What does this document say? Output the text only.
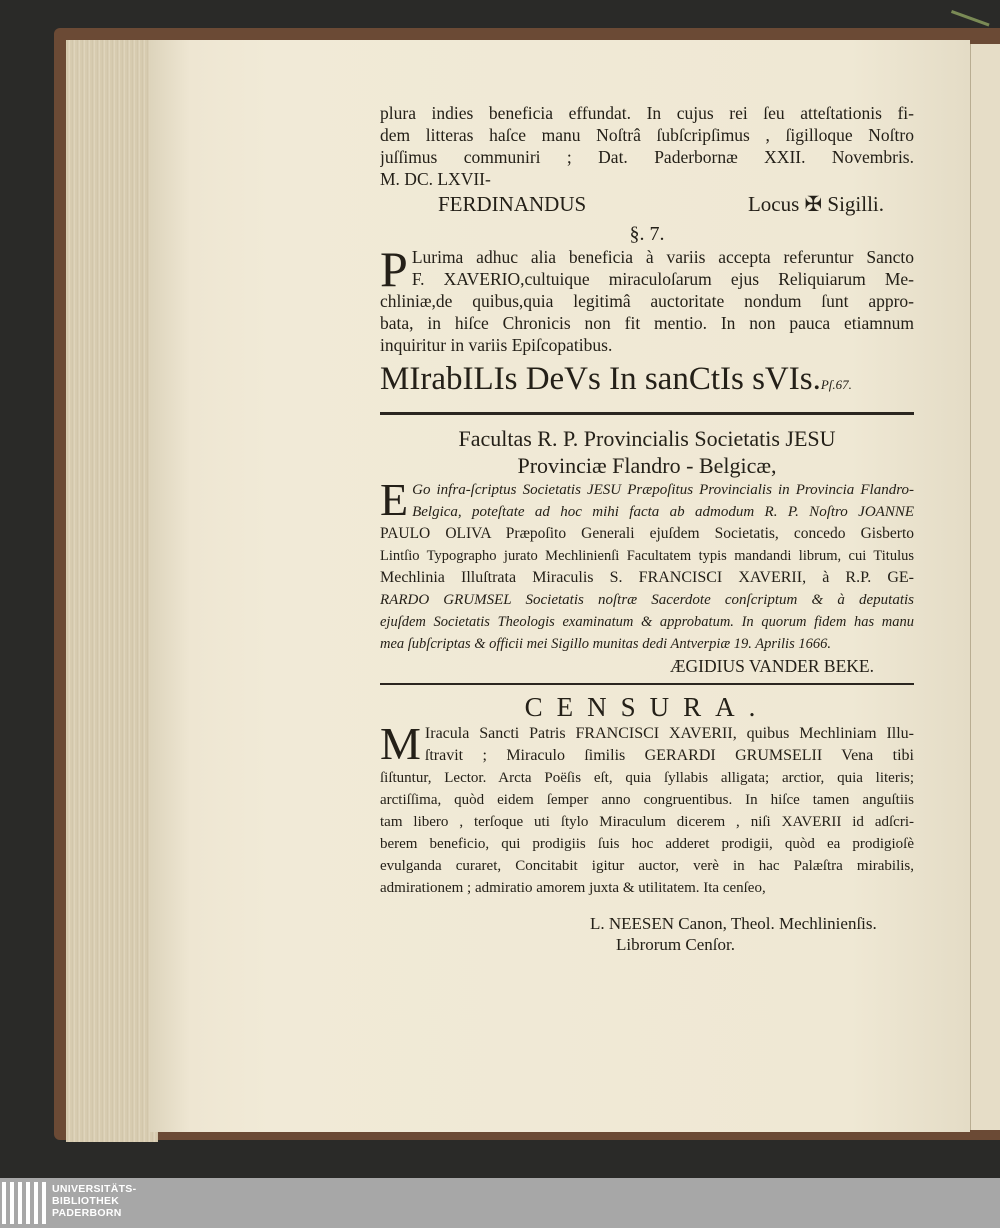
plura indies beneficia effundat. In cujus rei ſeu atteſtationis fi-
dem litteras haſce manu Noſtrâ ſubſcripſimus , ſigilloque Noſtro
juſſimus communiri ; Dat. Paderbornæ XXII. Novembris.
M. DC. LXVII-
FERDINANDUS	Locus ✠ Sigilli.
§. 7.
P Lurima adhuc alia beneficia à variis accepta referuntur Sancto
F. XAVERIO,cultuique miraculoſarum ejus Reliquiarum Me-
chliniæ,de quibus,quia legitimâ auctoritate nondum ſunt appro-
bata, in hiſce Chronicis non fit mentio. In non pauca etiamnum
inquiritur in variis Epiſcopatibus.
MIrabILIs DeVs In sanCtIs sVIs.Pſ.67.
Facultas R. P. Provincialis Societatis JESU
Provinciæ Flandro - Belgicæ,
E Go infra-ſcriptus Societatis JESU Præpoſitus Provincialis in Provincia Flandro-
Belgica, poteſtate ad hoc mihi facta ab admodum R. P. Noſtro JOANNE
PAULO OLIVA Præpoſito Generali ejuſdem Societatis, concedo Gisberto
Lintſio Typographo jurato Mechlinienſi Facultatem typis mandandi librum, cui Titulus
Mechlinia Illuſtrata Miraculis S. FRANCISCI XAVERII, à R.P. GE-
RARDO GRUMSEL Societatis noſtræ Sacerdote conſcriptum & à deputatis
ejuſdem Societatis Theologis examinatum & approbatum. In quorum fidem has manu
mea ſubſcriptas & officii mei Sigillo munitas dedi Antverpiæ 19. Aprilis 1666.
ÆGIDIUS VANDER BEKE.
CENSURA.
M Iracula Sancti Patris FRANCISCI XAVERII, quibus Mechliniam Illu-
ſtravit ; Miraculo ſimilis GERARDI GRUMSELII Vena tibi
ſiſtuntur, Lector. Arcta Poëſis eſt, quia ſyllabis alligata; arctior, quia literis;
arctiſſima, quòd eidem ſemper anno congruentibus. In hiſce tamen anguſtiis
tam libero , terſoque uti ſtylo Miraculum dicerem , niſi XAVERII id adſcri-
berem beneficio, qui prodigiis ſuis hoc adderet prodigii, quòd ea prodigioſè
evulganda curaret, Concitabit igitur auctor, verè in hac Palæſtra mirabilis,
admirationem ; admiratio amorem juxta & utilitatem. Ita cenſeo,
L. NEESEN Canon, Theol. Mechlinienſis.
Librorum Cenſor.
UNIVERSITÄTS-
BIBLIOTHEK
PADERBORN
